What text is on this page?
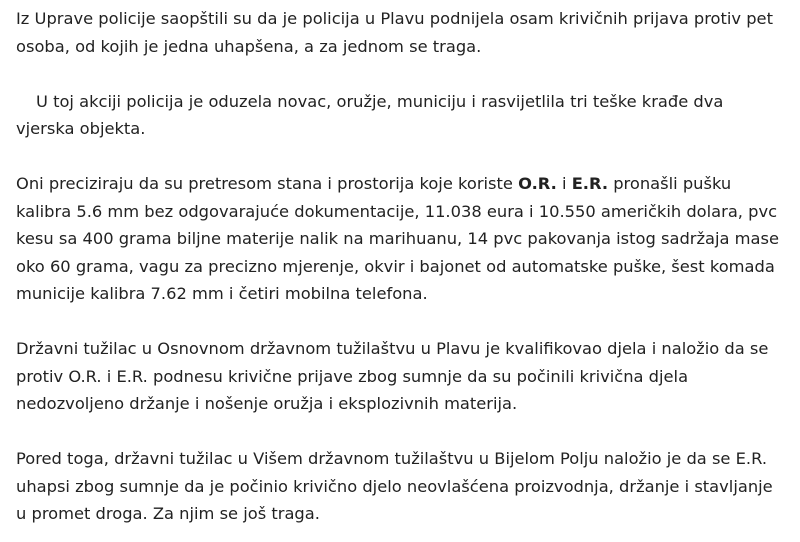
Iz Uprave policije saopštili su da je policija u Plavu podnijela osam krivičnih prijava protiv pet osoba, od kojih je jedna uhapšena, a za jednom se traga.

U toj akciji policija je oduzela novac, oružje, municiju i rasvijetlila tri teške krađe dva vjerska objekta.

Oni preciziraju da su pretresom stana i prostorija koje koriste O.R. i E.R. pronašli pušku kalibra 5.6 mm bez odgovarajuće dokumentacije, 11.038 eura i 10.550 američkih dolara, pvc kesu sa 400 grama biljne materije nalik na marihuanu, 14 pvc pakovanja istog sadržaja mase oko 60 grama, vagu za precizno mjerenje, okvir i bajonet od automatske puške, šest komada municije kalibra 7.62 mm i četiri mobilna telefona.

Državni tužilac u Osnovnom državnom tužilaštvu u Plavu je kvalifikovao djela i naložio da se protiv O.R. i E.R. podnesu krivične prijave zbog sumnje da su počinili krivična djela nedozvoljeno držanje i nošenje oružja i eksplozivnih materija.

Pored toga, državni tužilac u Višem državnom tužilaštvu u Bijelom Polju naložio je da se E.R. uhapsi zbog sumnje da je počinio krivično djelo neovlašćena proizvodnja, držanje i stavljanje u promet droga. Za njim se još traga.
